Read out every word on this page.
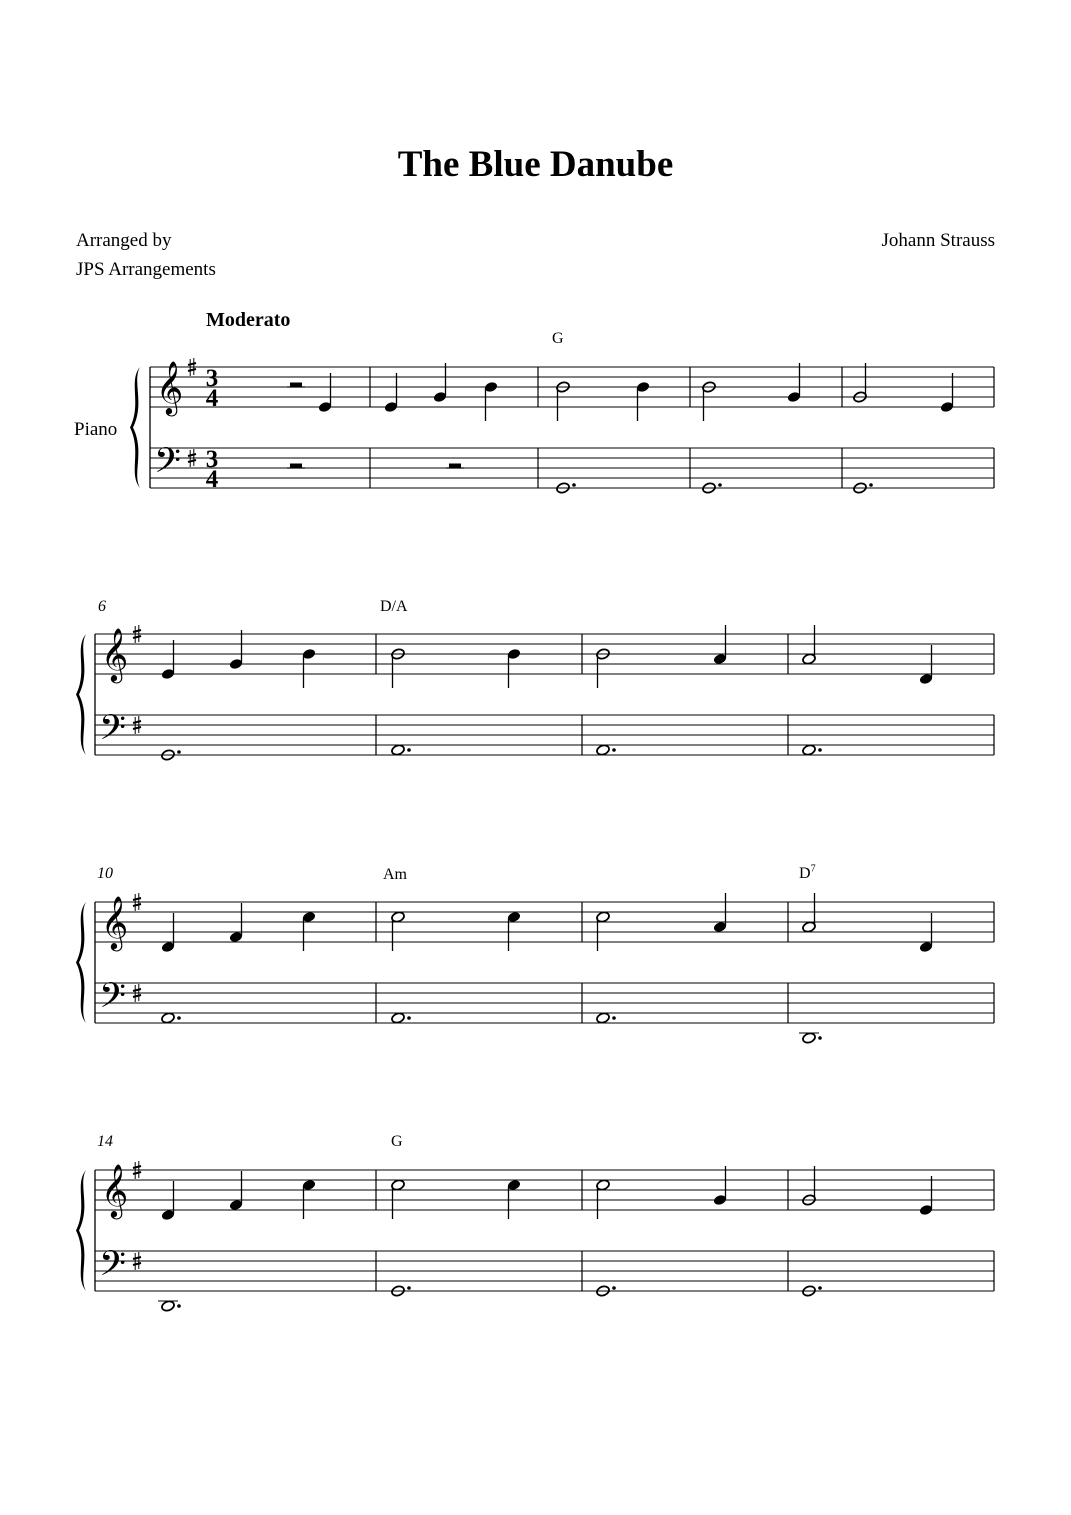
The Blue Danube
Arranged by
JPS Arrangements
Johann Strauss
Moderato
Piano
6
10
14
G
D/A
Am	$D^7$
G
𝄞
𝄢
3
4
3
4
𝄞
𝄢
𝄞
𝄢
𝄞
𝄢
